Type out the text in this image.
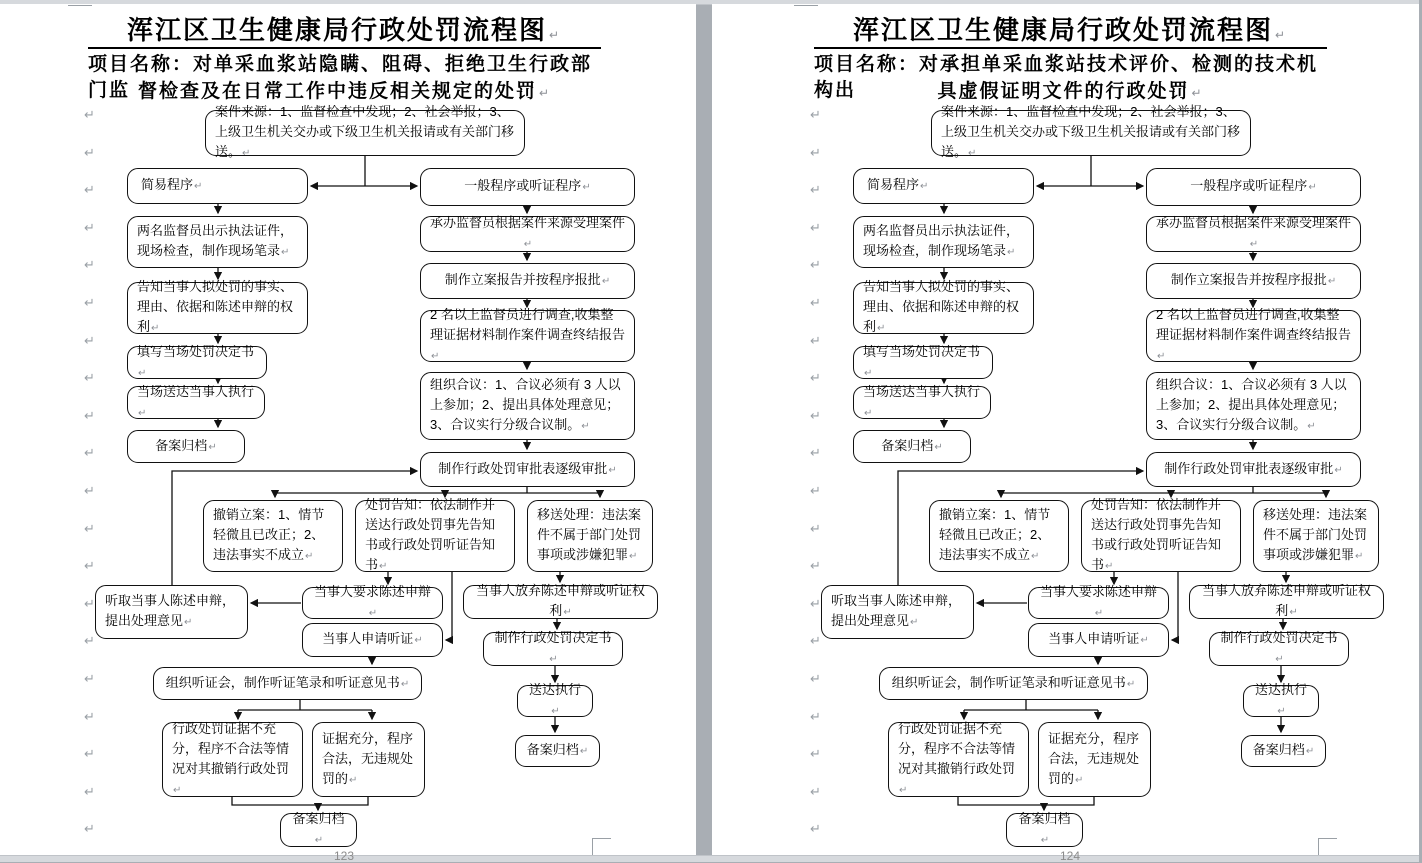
浑江区卫生健康局行政处罚流程图 ↵
项目名称：对单采血浆站隐瞒、阻碍、拒绝卫生行政部门监 督检查及在日常工作中违反相关规定的处罚 ↵
↵
↵
↵
↵
↵
↵
↵
↵
↵
↵
↵
↵
↵
↵
↵
↵
↵
↵
↵
↵
案件来源：1、监督检查中发现；2、社会举报；3、上级卫生机关交办或下级卫生机关报请或有关部门移送。 ↵
简易程序 ↵	一般程序或听证程序 ↵
两名监督员出示执法证件，现场检查，制作现场笔录 ↵
告知当事人拟处罚的事实、理由、依据和陈述申辩的权利 ↵
填写当场处罚决定书 ↵
当场送达当事人执行 ↵
备案归档 ↵
承办监督员根据案件来源受理案件 ↵
制作立案报告并按程序报批 ↵
2 名以上监督员进行调查,收集整理证据材料制作案件调查终结报告 ↵
组织合议：1、合议必须有 3 人以上参加；2、提出具体处理意见；3、合议实行分级合议制。 ↵
制作行政处罚审批表逐级审批 ↵
撤销立案：1、情节轻微且已改正；2、违法事实不成立 ↵
处罚告知：依法制作并送达行政处罚事先告知书或行政处罚听证告知书 ↵
移送处理：违法案件不属于部门处罚事项或涉嫌犯罪 ↵
当事人要求陈述申辩 ↵
当事人申请听证 ↵
听取当事人陈述申辩，提出处理意见 ↵
当事人放弃陈述申辩或听证权利 ↵
制作行政处罚决定书 ↵
送达执行 ↵
备案归档 ↵
组织听证会，制作听证笔录和听证意见书 ↵
行政处罚证据不充分，程序不合法等情况对其撤销行政处罚 ↵
证据充分，程序合法，无违规处罚的 ↵
备案归档 ↵
123
浑江区卫生健康局行政处罚流程图 ↵
项目名称：对承担单采血浆站技术评价、检测的技术机构出	具虚假证明文件的行政处罚 ↵
↵
↵
↵
↵
↵
↵
↵
↵
↵
↵
↵
↵
↵
↵
↵
↵
↵
↵
↵
↵
案件来源：1、监督检查中发现；2、社会举报；3、上级卫生机关交办或下级卫生机关报请或有关部门移送。 ↵
简易程序 ↵	一般程序或听证程序 ↵
两名监督员出示执法证件，现场检查，制作现场笔录 ↵
告知当事人拟处罚的事实、理由、依据和陈述申辩的权利 ↵
填写当场处罚决定书 ↵
当场送达当事人执行 ↵
备案归档 ↵
承办监督员根据案件来源受理案件 ↵
制作立案报告并按程序报批 ↵
2 名以上监督员进行调查,收集整理证据材料制作案件调查终结报告 ↵
组织合议：1、合议必须有 3 人以上参加；2、提出具体处理意见；3、合议实行分级合议制。 ↵
制作行政处罚审批表逐级审批 ↵
撤销立案：1、情节轻微且已改正；2、违法事实不成立 ↵
处罚告知：依法制作并送达行政处罚事先告知书或行政处罚听证告知书 ↵
移送处理：违法案件不属于部门处罚事项或涉嫌犯罪 ↵
当事人要求陈述申辩 ↵
当事人申请听证 ↵
听取当事人陈述申辩，提出处理意见 ↵
当事人放弃陈述申辩或听证权利 ↵
制作行政处罚决定书 ↵
送达执行 ↵
备案归档 ↵
组织听证会，制作听证笔录和听证意见书 ↵
行政处罚证据不充分，程序不合法等情况对其撤销行政处罚 ↵
证据充分，程序合法，无违规处罚的 ↵
备案归档 ↵
124
